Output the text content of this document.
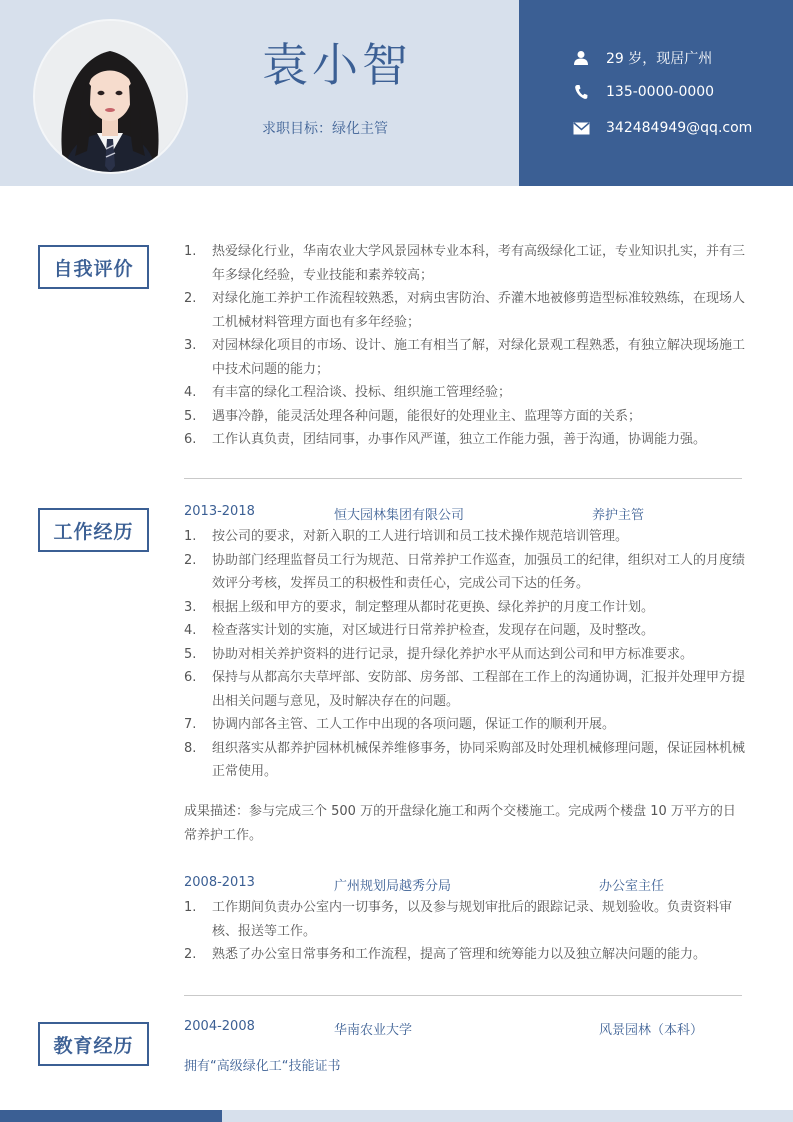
袁小智
求职目标：绿化主管
29 岁，现居广州
135-0000-0000
342484949@qq.com
自我评价
1. 热爱绿化行业，华南农业大学风景园林专业本科，考有高级绿化工证，专业知识扎实，并有三年多绿化经验，专业技能和素养较高；
2. 对绿化施工养护工作流程较熟悉，对病虫害防治、乔灌木地被修剪造型标准较熟练，在现场人工机械材料管理方面也有多年经验；
3. 对园林绿化项目的市场、设计、施工有相当了解，对绿化景观工程熟悉，有独立解决现场施工中技术问题的能力；
4. 有丰富的绿化工程洽谈、投标、组织施工管理经验；
5. 遇事冷静，能灵活处理各种问题，能很好的处理业主、监理等方面的关系；
6. 工作认真负责，团结同事，办事作风严谨，独立工作能力强，善于沟通，协调能力强。
工作经历
2013-2018	恒大园林集团有限公司	养护主管
1. 按公司的要求，对新入职的工人进行培训和员工技术操作规范培训管理。
2. 协助部门经理监督员工行为规范、日常养护工作巡查，加强员工的纪律，组织对工人的月度绩效评分考核，发挥员工的积极性和责任心，完成公司下达的任务。
3. 根据上级和甲方的要求，制定整理从都时花更换、绿化养护的月度工作计划。
4. 检查落实计划的实施，对区域进行日常养护检查，发现存在问题，及时整改。
5. 协助对相关养护资料的进行记录，提升绿化养护水平从而达到公司和甲方标准要求。
6. 保持与从都高尔夫草坪部、安防部、房务部、工程部在工作上的沟通协调，汇报并处理甲方提出相关问题与意见，及时解决存在的问题。
7. 协调内部各主管、工人工作中出现的各项问题，保证工作的顺利开展。
8. 组织落实从都养护园林机械保养维修事务，协同采购部及时处理机械修理问题，保证园林机械正常使用。
成果描述：参与完成三个 500 万的开盘绿化施工和两个交楼施工。完成两个楼盘 10 万平方的日常养护工作。
2008-2013	广州规划局越秀分局	办公室主任
1. 工作期间负责办公室内一切事务，以及参与规划审批后的跟踪记录、规划验收。负责资料审核、报送等工作。
2. 熟悉了办公室日常事务和工作流程，提高了管理和统筹能力以及独立解决问题的能力。
教育经历
2004-2008	华南农业大学	风景园林（本科）
拥有“高级绿化工“技能证书
